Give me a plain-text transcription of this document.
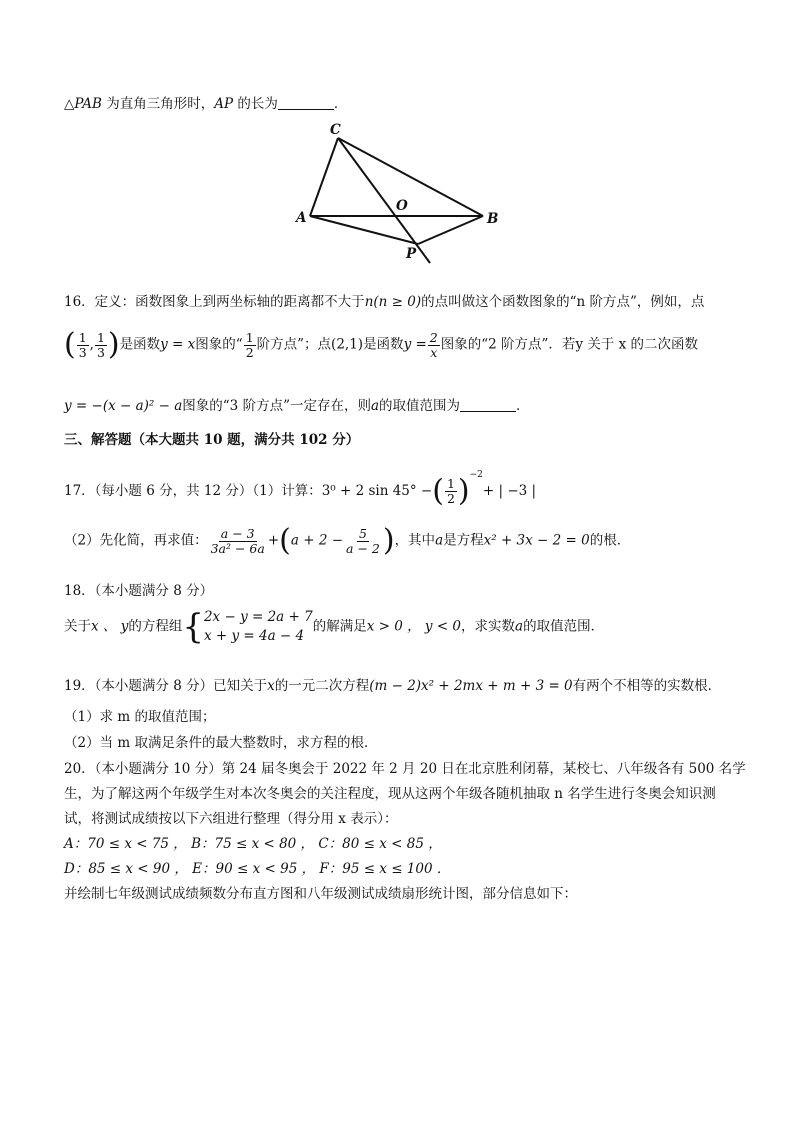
△PAB 为直角三角形时，AP 的长为	．
C
A
O
B
P
16．定义：函数图象上到两坐标轴的距离都不大于n(n ≥ 0)的点叫做这个函数图象的“n 阶方点”，例如，点
( $\frac{1}{3}$ , $\frac{1}{3}$ )是函数y = x图象的“ $\frac{1}{2}$ 阶方点”；点(2,1)是函数$y = \frac{2}{x}$ 图象的“2 阶方点”．若y 关于 x 的二次函数
y = −(x − a)² − a图象的“3 阶方点”一定存在，则a的取值范围为	．
三、解答题（本大题共 10 题，满分共 102 分）
17．（每小题 6 分，共 12 分）（1）计算：3⁰ + 2 sin 45° −( $\frac{1}{2} )^{-2}+$ | −3 |
（2）先化简，再求值： $\frac{a - 3}{\text{3a² − 6a}} +(a + 2 - \frac{5}{a - 2}$ )，其中a是方程x² + 3x − 2 = 0的根．
18．（本小题满分 8 分）
关于x 、 y的方程组{ 2x − y = 2a + 7
x + y = 4a − 4
的解满足x > 0 ， y < 0，求实数a的取值范围．
19．（本小题满分 8 分）已知关于x的一元二次方程(m − 2)x² + 2mx + m + 3 = 0有两个不相等的实数根．
（1）求 m 的取值范围；
（2）当 m 取满足条件的最大整数时，求方程的根．
20．（本小题满分 10 分）第 24 届冬奥会于 2022 年 2 月 20 日在北京胜利闭幕，某校七、八年级各有 500 名学
生，为了解这两个年级学生对本次冬奥会的关注程度，现从这两个年级各随机抽取 n 名学生进行冬奥会知识测
试，将测试成绩按以下六组进行整理（得分用 x 表示）：
A：70 ≤ x < 75 ， B：75 ≤ x < 80 ， C：80 ≤ x < 85 ，
D：85 ≤ x < 90 ， E：90 ≤ x < 95 ， F：95 ≤ x ≤ 100 ．
并绘制七年级测试成绩频数分布直方图和八年级测试成绩扇形统计图，部分信息如下：
